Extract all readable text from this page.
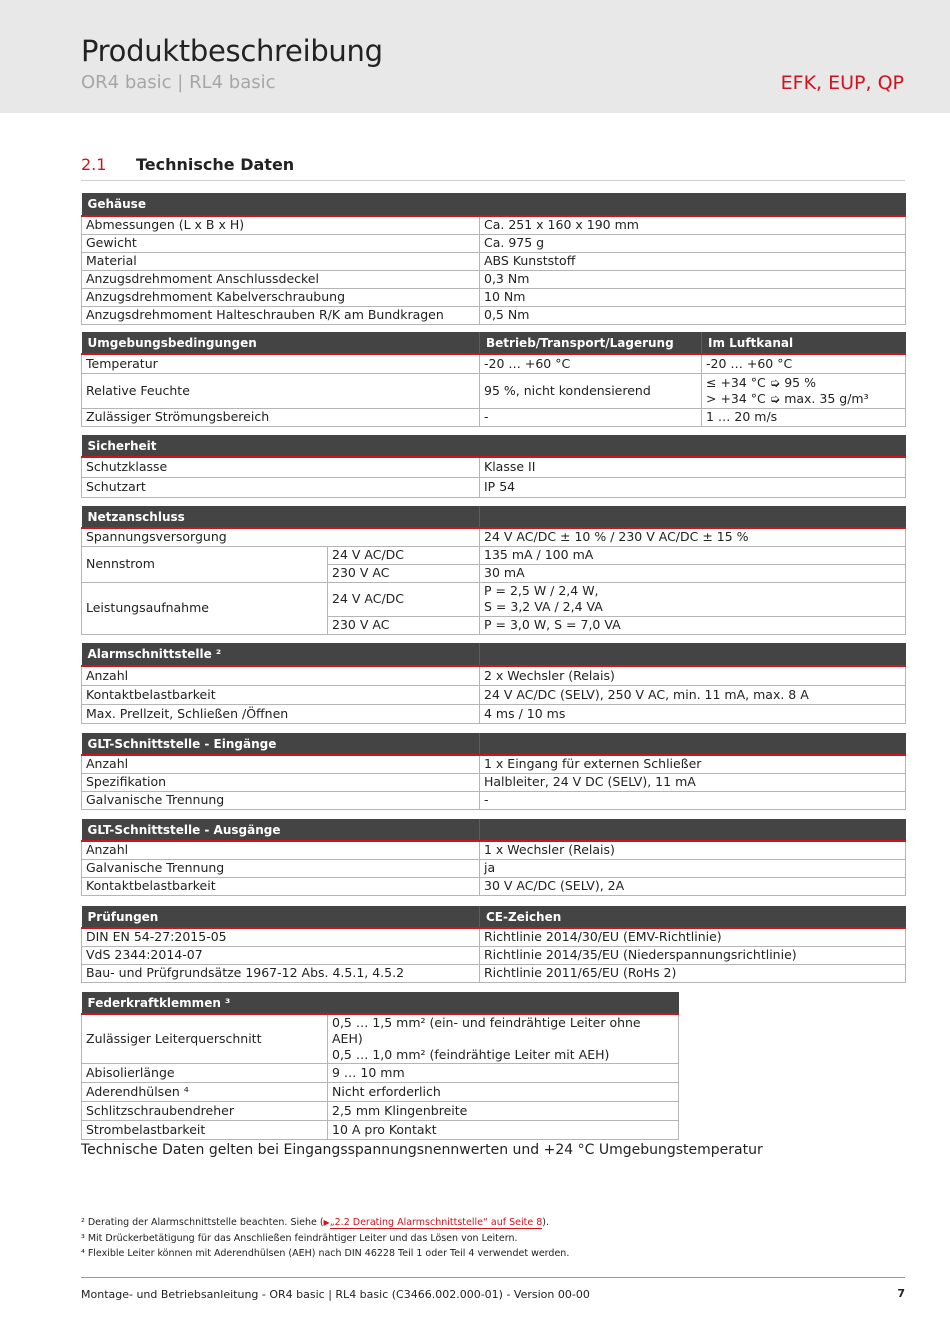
Produktbeschreibung
OR4 basic | RL4 basic	EFK, EUP, QP
2.1 Technische Daten
Gehäuse	
Abmessungen (L x B x H)	Ca. 251 x 160 x 190 mm
Gewicht	Ca. 975 g
Material	ABS Kunststoff
Anzugsdrehmoment Anschlussdeckel	0,3 Nm
Anzugsdrehmoment Kabelverschraubung	10 Nm
Anzugsdrehmoment Halteschrauben R/K am Bundkragen	0,5 Nm
Umgebungsbedingungen	Betrieb/Transport/Lagerung	Im Luftkanal
Temperatur	-20 … +60 °C	-20 … +60 °C
Relative Feuchte	95 %, nicht kondensierend	≤ +34 °C ➭ 95 %
> +34 °C ➭ max. 35 g/m³

Zulässiger Strömungsbereich	-	1 … 20 m/s
Sicherheit	
Schutzklasse	Klasse II
Schutzart	IP 54
Netzanschluss		
Spannungsversorgung		24 V AC/DC ± 10 % / 230 V AC/DC ± 15 %
Nennstrom	24 V AC/DC	135 mA / 100 mA
	230 V AC	30 mA
Leistungsaufnahme	24 V AC/DC	P = 2,5 W / 2,4 W,
S = 3,2 VA / 2,4 VA

	230 V AC	P = 3,0 W, S = 7,0 VA
Alarmschnittstelle ²	
Anzahl	2 x Wechsler (Relais)
Kontaktbelastbarkeit	24 V AC/DC (SELV), 250 V AC, min. 11 mA, max. 8 A
Max. Prellzeit, Schließen /Öffnen	4 ms / 10 ms
GLT-Schnittstelle - Eingänge	
Anzahl	1 x Eingang für externen Schließer
Spezifikation	Halbleiter, 24 V DC (SELV), 11 mA
Galvanische Trennung	-
GLT-Schnittstelle - Ausgänge	
Anzahl	1 x Wechsler (Relais)
Galvanische Trennung	ja
Kontaktbelastbarkeit	30 V AC/DC (SELV), 2A
Prüfungen	CE-Zeichen
DIN EN 54-27:2015-05	Richtlinie 2014/30/EU (EMV-Richtlinie)
VdS 2344:2014-07	Richtlinie 2014/35/EU (Niederspannungsrichtlinie)
Bau- und Prüfgrundsätze 1967-12 Abs. 4.5.1, 4.5.2	Richtlinie 2011/65/EU (RoHs 2)
Federkraftklemmen ³	
Zulässiger Leiterquerschnitt	0,5 … 1,5 mm² (ein- und feindrähtige Leiter ohne AEH)
0,5 … 1,0 mm² (feindrähtige Leiter mit AEH)

Abisolierlänge	9 … 10 mm
Aderendhülsen ⁴	Nicht erforderlich
Schlitzschraubendreher	2,5 mm Klingenbreite
Strombelastbarkeit	10 A pro Kontakt
Technische Daten gelten bei Eingangsspannungsnennwerten und +24 °C Umgebungstemperatur
² Derating der Alarmschnittstelle beachten. Siehe (▶„2.2 Derating Alarmschnittstelle“ auf Seite 8).
³ Mit Drückerbetätigung für das Anschließen feindrähtiger Leiter und das Lösen von Leitern.
⁴ Flexible Leiter können mit Aderendhülsen (AEH) nach DIN 46228 Teil 1 oder Teil 4 verwendet werden.
Montage- und Betriebsanleitung - OR4 basic | RL4 basic (C3466.002.000-01) - Version 00-00	7
